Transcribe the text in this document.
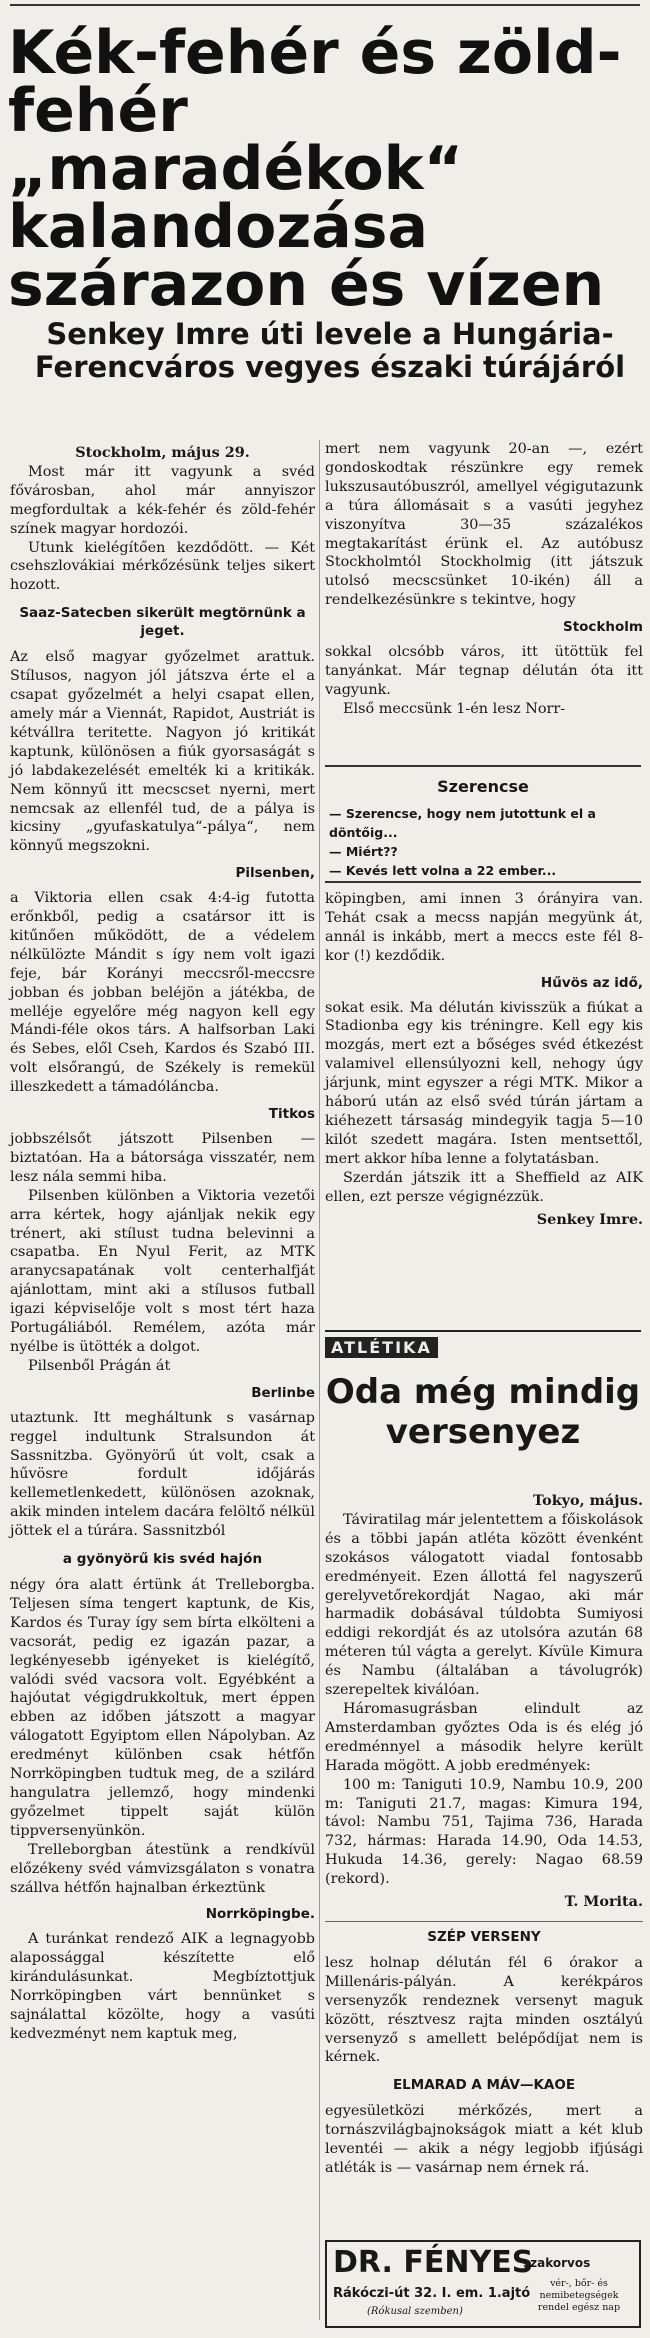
Kék-fehér és zöld-fehér „maradékok“ kalandozása szárazon és vízen
Senkey Imre úti levele a Hungária-Ferencváros vegyes északi túrájáról

Stockholm, május 29.

Most már itt vagyunk a svéd fővárosban, ahol már annyiszor megfordultak a kék-fehér és zöld-fehér színek magyar hordozói.

Utunk kielégítően kezdődött. — Két csehszlovákiai mérkőzésünk teljes sikert hozott.

Saaz-Satecben sikerült megtörnünk a jeget.

Az első magyar győzelmet arattuk. Stílusos, nagyon jól játszva érte el a csapat győzelmét a helyi csapat ellen, amely már a Viennát, Rapidot, Austriát is kétvállra teritette. Nagyon jó kritikát kaptunk, különösen a fiúk gyorsaságát s jó labdakezelését emelték ki a kritikák. Nem könnyű itt mecscset nyerni, mert nemcsak az ellenfél tud, de a pálya is kicsiny „gyufaskatulya“-pálya“, nem könnyű megszokni.

Pilsenben,

a Viktoria ellen csak 4:4-ig futotta erőnkből, pedig a csatársor itt is kitűnően működött, de a védelem nélkülözte Mándit s így nem volt igazi feje, bár Korányi meccsről-meccsre jobban és jobban beléjön a játékba, de melléje egyelőre még nagyon kell egy Mándi-féle okos társ. A halfsorban Laki és Sebes, elől Cseh, Kardos és Szabó III. volt elsőrangú, de Székely is remekül illeszkedett a támadóláncba.

Titkos

jobbszélsőt játszott Pilsenben — biztatóan. Ha a bátorsága visszatér, nem lesz nála semmi hiba.

Pilsenben különben a Viktoria vezetői arra kértek, hogy ajánljak nekik egy trénert, aki stílust tudna belevinni a csapatba. En Nyul Ferit, az MTK aranycsapatának volt centerhalfját ajánlottam, mint aki a stílusos futball igazi képviselője volt s most tért haza Portugáliából. Remélem, azóta már nyélbe is ütötték a dolgot.

Pilsenből Prágán át

Berlinbe

utaztunk. Itt megháltunk s vasárnap reggel indultunk Stralsundon át Sassnitzba. Gyönyörű út volt, csak a hűvösre fordult időjárás kellemetlenkedett, különösen azoknak, akik minden intelem dacára felöltő nélkül jöttek el a túrára. Sassnitzból

a gyönyörű kis svéd hajón

négy óra alatt értünk át Trelleborgba. Teljesen síma tengert kaptunk, de Kis, Kardos és Turay így sem bírta elkölteni a vacsorát, pedig ez igazán pazar, a legkényesebb igényeket is kielégítő, valódi svéd vacsora volt. Egyébként a hajóutat végigdrukkoltuk, mert éppen ebben az időben játszott a magyar válogatott Egyiptom ellen Nápolyban. Az eredményt különben csak hétfőn Norrköpingben tudtuk meg, de a szilárd hangulatra jellemző, hogy mindenki győzelmet tippelt saját külön tippversenyünkön.

Trelleborgban átestünk a rendkívül előzékeny svéd vámvizsgálaton s vonatra szállva hétfőn hajnalban érkeztünk

Norrköpingbe.

A turánkat rendező AIK a legnagyobb alapossággal készítette elő kirándulásunkat. Megbíztottjuk Norrköpingben várt bennünket s sajnálattal közölte, hogy a vasúti kedvezményt nem kaptuk meg,

mert nem vagyunk 20-an —, ezért gondoskodtak részünkre egy remek lukszusautóbuszról, amellyel végigutazunk a túra állomásait s a vasúti jegyhez viszonyítva 30—35 százalékos megtakarítást érünk el. Az autóbusz Stockholmtól Stockholmig (itt játszuk utolsó mecscsünket 10-ikén) áll a rendelkezésünkre s tekintve, hogy

Stockholm

sokkal olcsóbb város, itt ütöttük fel tanyánkat. Már tegnap délután óta itt vagyunk.

Első meccsünk 1-én lesz Norr-

Szerencse
— Szerencse, hogy nem jutottunk el a döntőig...
— Miért??
— Kevés lett volna a 22 ember...

köpingben, ami innen 3 órányira van. Tehát csak a mecss napján megyünk át, annál is inkább, mert a meccs este fél 8-kor (!) kezdődik.

Hűvös az idő,

sokat esik. Ma délután kivisszük a fiúkat a Stadionba egy kis tréningre. Kell egy kis mozgás, mert ezt a bőséges svéd étkezést valamivel ellensúlyozni kell, nehogy úgy járjunk, mint egyszer a régi MTK. Mikor a háború után az első svéd túrán jártam a kiéhezett társaság mindegyik tagja 5—10 kilót szedett magára. Isten mentsettől, mert akkor híba lenne a folytatásban.

Szerdán játszik itt a Sheffield az AIK ellen, ezt persze végignézzük.

Senkey Imre.

ATLÉTIKA
Oda még mindig versenyez

Tokyo, május.

Táviratilag már jelentettem a főiskolások és a többi japán atléta között évenként szokásos válogatott viadal fontosabb eredményeit. Ezen állottá fel nagyszerű gerelyvetőrekordját Nagao, aki már harmadik dobásával túldobta Sumiyosi eddigi rekordját és az utolsóra azután 68 méteren túl vágta a gerelyt. Kívüle Kimura és Nambu (általában a távolugrók) szerepeltek kiválóan.

Háromasugrásban elindult az Amsterdamban győztes Oda is és elég jó eredménnyel a második helyre került Harada mögött. A jobb eredmények:

100 m: Taniguti 10.9, Nambu 10.9, 200 m: Taniguti 21.7, magas: Kimura 194, távol: Nambu 751, Tajima 736, Harada 732, hármas: Harada 14.90, Oda 14.53, Hukuda 14.36, gerely: Nagao 68.59 (rekord).

T. Morita.

SZÉP VERSENY

lesz holnap délután fél 6 órakor a Millenáris-pályán. A kerékpáros versenyzők rendeznek versenyt maguk között, résztvesz rajta minden osztályú versenyző s amellett belépődíjat nem is kérnek.

ELMARAD A MÁV—KAOE

egyesületközi mérkőzés, mert a tornászvilágbajnokságok miatt a két klub leventéi — akik a négy legjobb ifjúsági atléták is — vasárnap nem érnek rá.

DR. FÉNYES
szakorvos
Rákóczi-út 32. I. em. 1.ajtó
(Rókusal szemben)
vér-, bőr- és nemibetegségek rendel egész nap
